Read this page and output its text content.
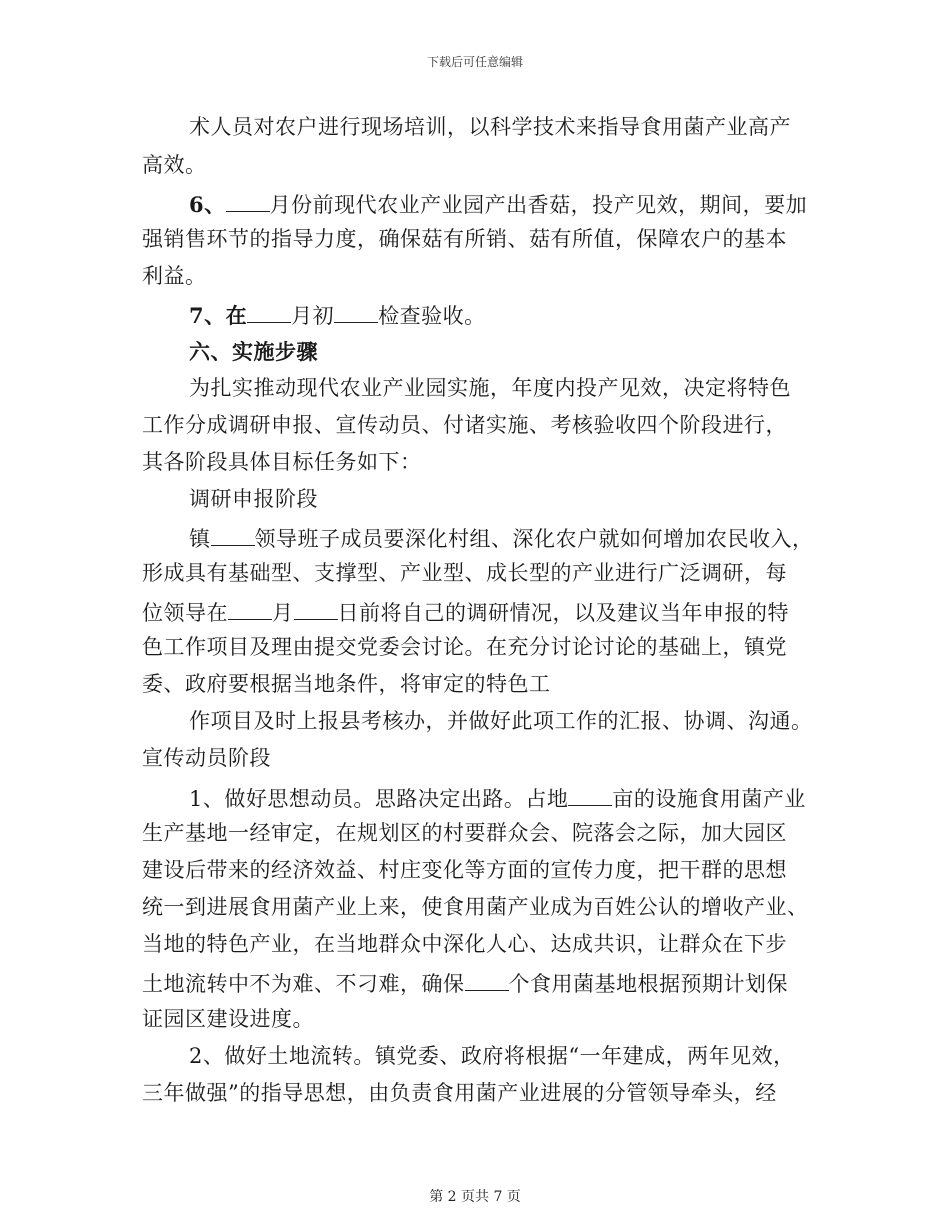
下载后可任意编辑
术人员对农户进行现场培训，以科学技术来指导食用菌产业高产
高效。
6、 月份前现代农业产业园产出香菇，投产见效，期间，要加
强销售环节的指导力度，确保菇有所销、菇有所值，保障农户的基本
利益。
7、在 月初 检查验收。
六、实施步骤
为扎实推动现代农业产业园实施，年度内投产见效，决定将特色
工作分成调研申报、宣传动员、付诸实施、考核验收四个阶段进行，
其各阶段具体目标任务如下：
调研申报阶段
镇 领导班子成员要深化村组、深化农户就如何增加农民收入，
形成具有基础型、支撑型、产业型、成长型的产业进行广泛调研，每
位领导在 月 日前将自己的调研情况，以及建议当年申报的特
色工作项目及理由提交党委会讨论。在充分讨论讨论的基础上，镇党
委、政府要根据当地条件，将审定的特色工
作项目及时上报县考核办，并做好此项工作的汇报、协调、沟通。
宣传动员阶段
1、做好思想动员。思路决定出路。占地 亩的设施食用菌产业
生产基地一经审定，在规划区的村要群众会、院落会之际，加大园区
建设后带来的经济效益、村庄变化等方面的宣传力度，把干群的思想
统一到进展食用菌产业上来，使食用菌产业成为百姓公认的增收产业、
当地的特色产业，在当地群众中深化人心、达成共识，让群众在下步
土地流转中不为难、不刁难，确保 个食用菌基地根据预期计划保
证园区建设进度。
2、做好土地流转。镇党委、政府将根据“一年建成，两年见效，
三年做强”的指导思想，由负责食用菌产业进展的分管领导牵头，经
第 2 页共 7 页
